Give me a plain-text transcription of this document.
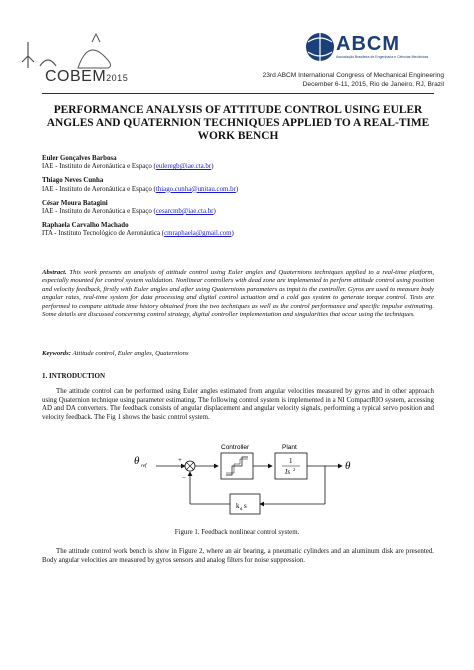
COBEM2015
ABCM
Associação Brasileira de Engenharia e Ciências Mecânicas
23rd ABCM International Congress of Mechanical Engineering
December 6-11, 2015, Rio de Janeiro, RJ, Brazil
PERFORMANCE ANALYSIS OF ATTITUDE CONTROL USING EULER ANGLES AND QUATERNION TECHNIQUES APPLIED TO A REAL-TIME WORK BENCH
Euler Gonçalves Barbosa
IAE - Instituto de Aeronáutica e Espaço (euleregb@iae.cta.br)
Thiago Neves Cunha
IAE - Instituto de Aeronáutica e Espaço (thiago.cunha@unitau.com.br)
César Moura Batagini
IAE - Instituto de Aeronáutica e Espaço (cesarcmb@iae.cta.br)
Raphaela Carvalho Machado
ITA - Instituto Tecnológico de Aeronáutica (cmraphaela@gmail.com)
Abstract. This work presents an analysis of attitude control using Euler angles and Quaternions techniques applied to a real-time platform, especially mounted for control system validation. Nonlinear controllers with dead zone are implemented to perform attitude control using position and velocity feedback, firstly with Euler angles and after using Quaternions parameters as input to the controller. Gyros are used to measure body angular rates, real-time system for data processing and digital control actuation and a cold gas system to generate torque control. Tests are performed to compare attitude time history obtained from the two techniques as well as the control performance and specific impulse estimating. Some details are discussed concerning control strategy, digital controller implementation and singularities that occur using the techniques.
Keywords: Attitude control, Euler angles, Quaternions
1. INTRODUCTION
The attitude control can be performed using Euler angles estimated from angular velocities measured by gyros and in other approach using Quaternion technique using parameter estimating. The following control system is implemented in a NI CompactRIO system, accessing AD and DA converters. The feedback consists of angular displacement and angular velocity signals, performing a typical servo position and velocity feedback. The Fig 1 shows the basic control system.
θ ref
+
−
Controller	Plant
1
Is 2	θ
k d s
Figure 1. Feedback nonlinear control system.
The attitude control work bench is show in Figure 2, where an air bearing, a pneumatic cylinders and an aluminum disk are presented. Body angular velocities are measured by gyros sensors and analog filters for noise suppression.
